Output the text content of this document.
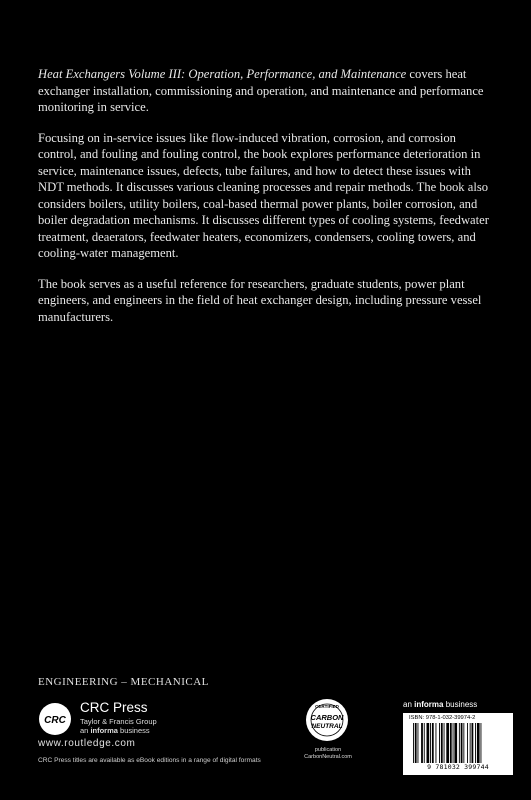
Heat Exchangers Volume III: Operation, Performance, and Maintenance covers heat exchanger installation, commissioning and operation, and maintenance and performance monitoring in service.

Focusing on in-service issues like flow-induced vibration, corrosion, and corrosion control, and fouling and fouling control, the book explores performance deterioration in service, maintenance issues, defects, tube failures, and how to detect these issues with NDT methods. It discusses various cleaning processes and repair methods. The book also considers boilers, utility boilers, coal-based thermal power plants, boiler corrosion, and boiler degradation mechanisms. It discusses different types of cooling systems, feedwater treatment, deaerators, feedwater heaters, economizers, condensers, cooling towers, and cooling-water management.

The book serves as a useful reference for researchers, graduate students, power plant engineers, and engineers in the field of heat exchanger design, including pressure vessel manufacturers.

ENGINEERING – MECHANICAL
CRC
CRC Press
Taylor & Francis Group
an informa business
www.routledge.com
CRC Press titles are available as eBook editions in a range of digital formats
CERTIFIED
CARBON
NEUTRAL
publication
CarbonNeutral.com
an informa business
ISBN: 978-1-032-39974-2
9 781032 399744
